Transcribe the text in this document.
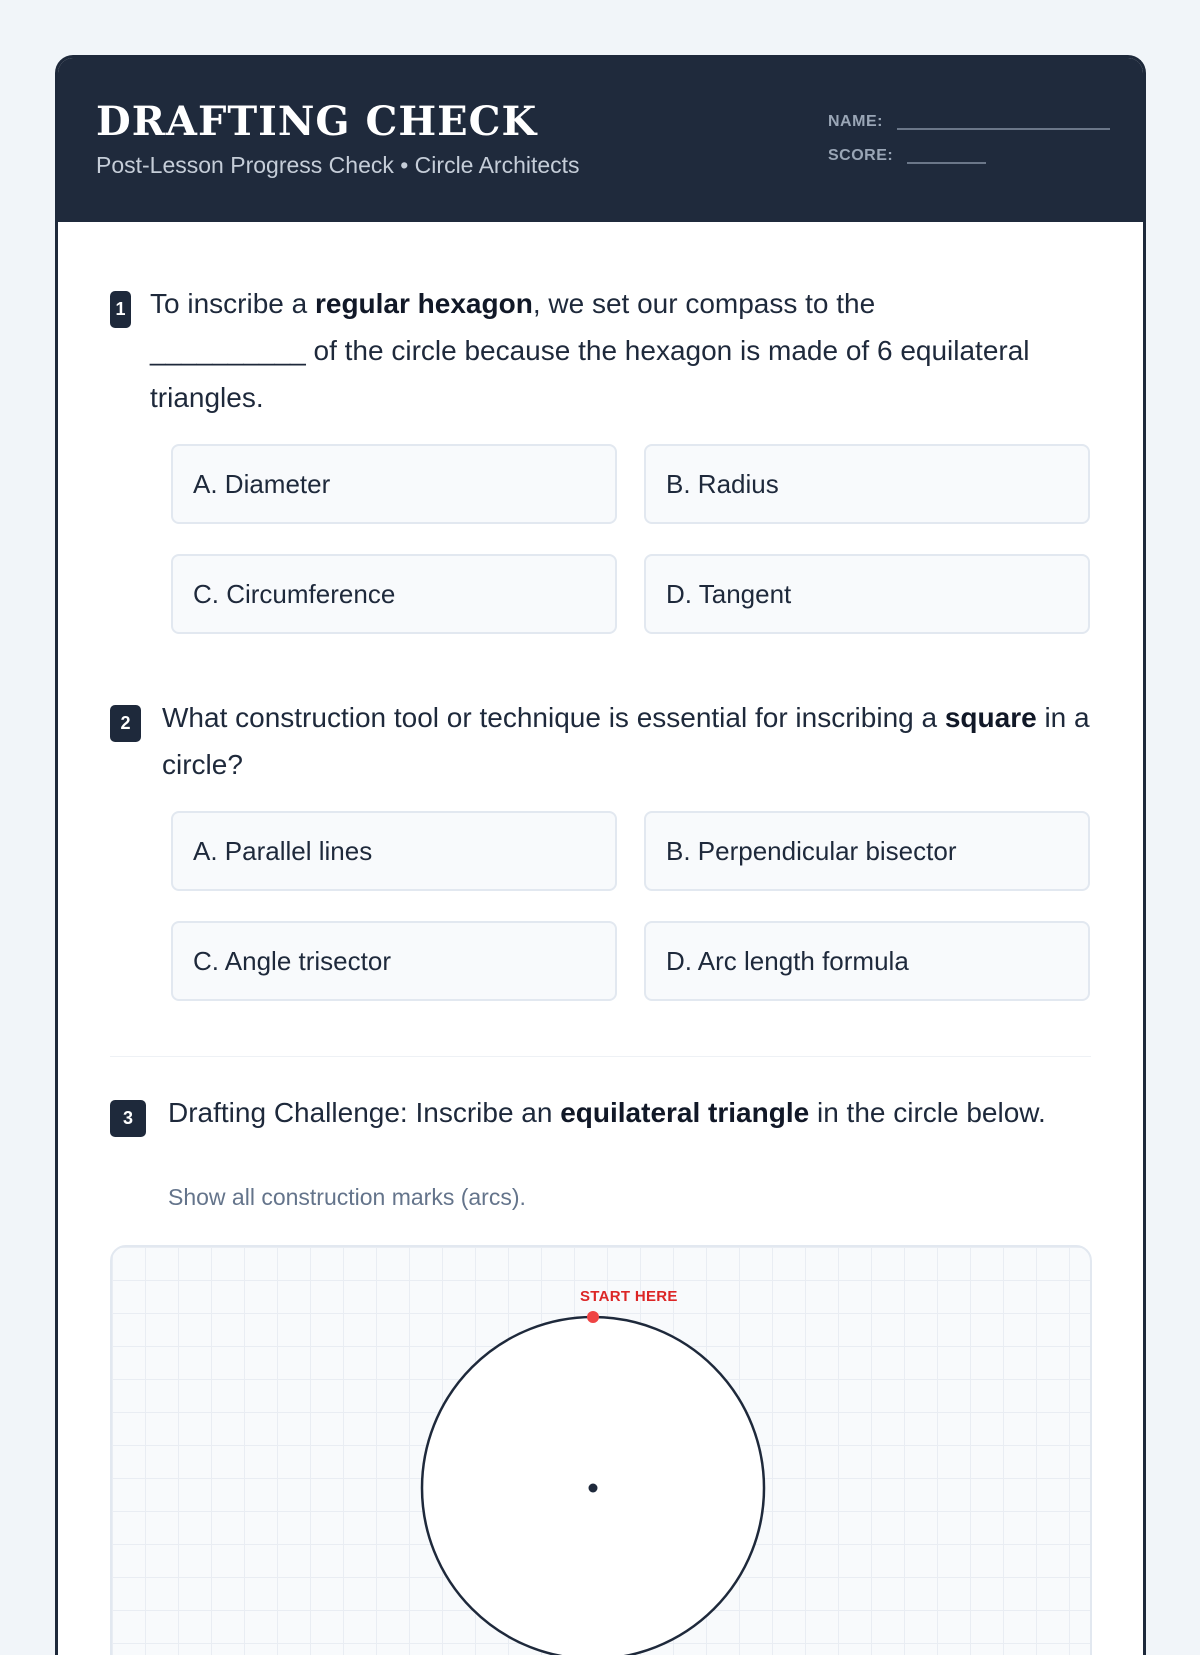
DRAFTING CHECK
Post-Lesson Progress Check • Circle Architects
NAME:
SCORE:
1 To inscribe a regular hexagon, we set our compass to the
__________ of the circle because the hexagon is made of 6 equilateral triangles.
A. Diameter	B. Radius
C. Circumference	D. Tangent
2	What construction tool or technique is essential for inscribing a square in a circle?
A. Parallel lines	B. Perpendicular bisector
C. Angle trisector	D. Arc length formula
3	Drafting Challenge: Inscribe an equilateral triangle in the circle below.
Show all construction marks (arcs).
START HERE
